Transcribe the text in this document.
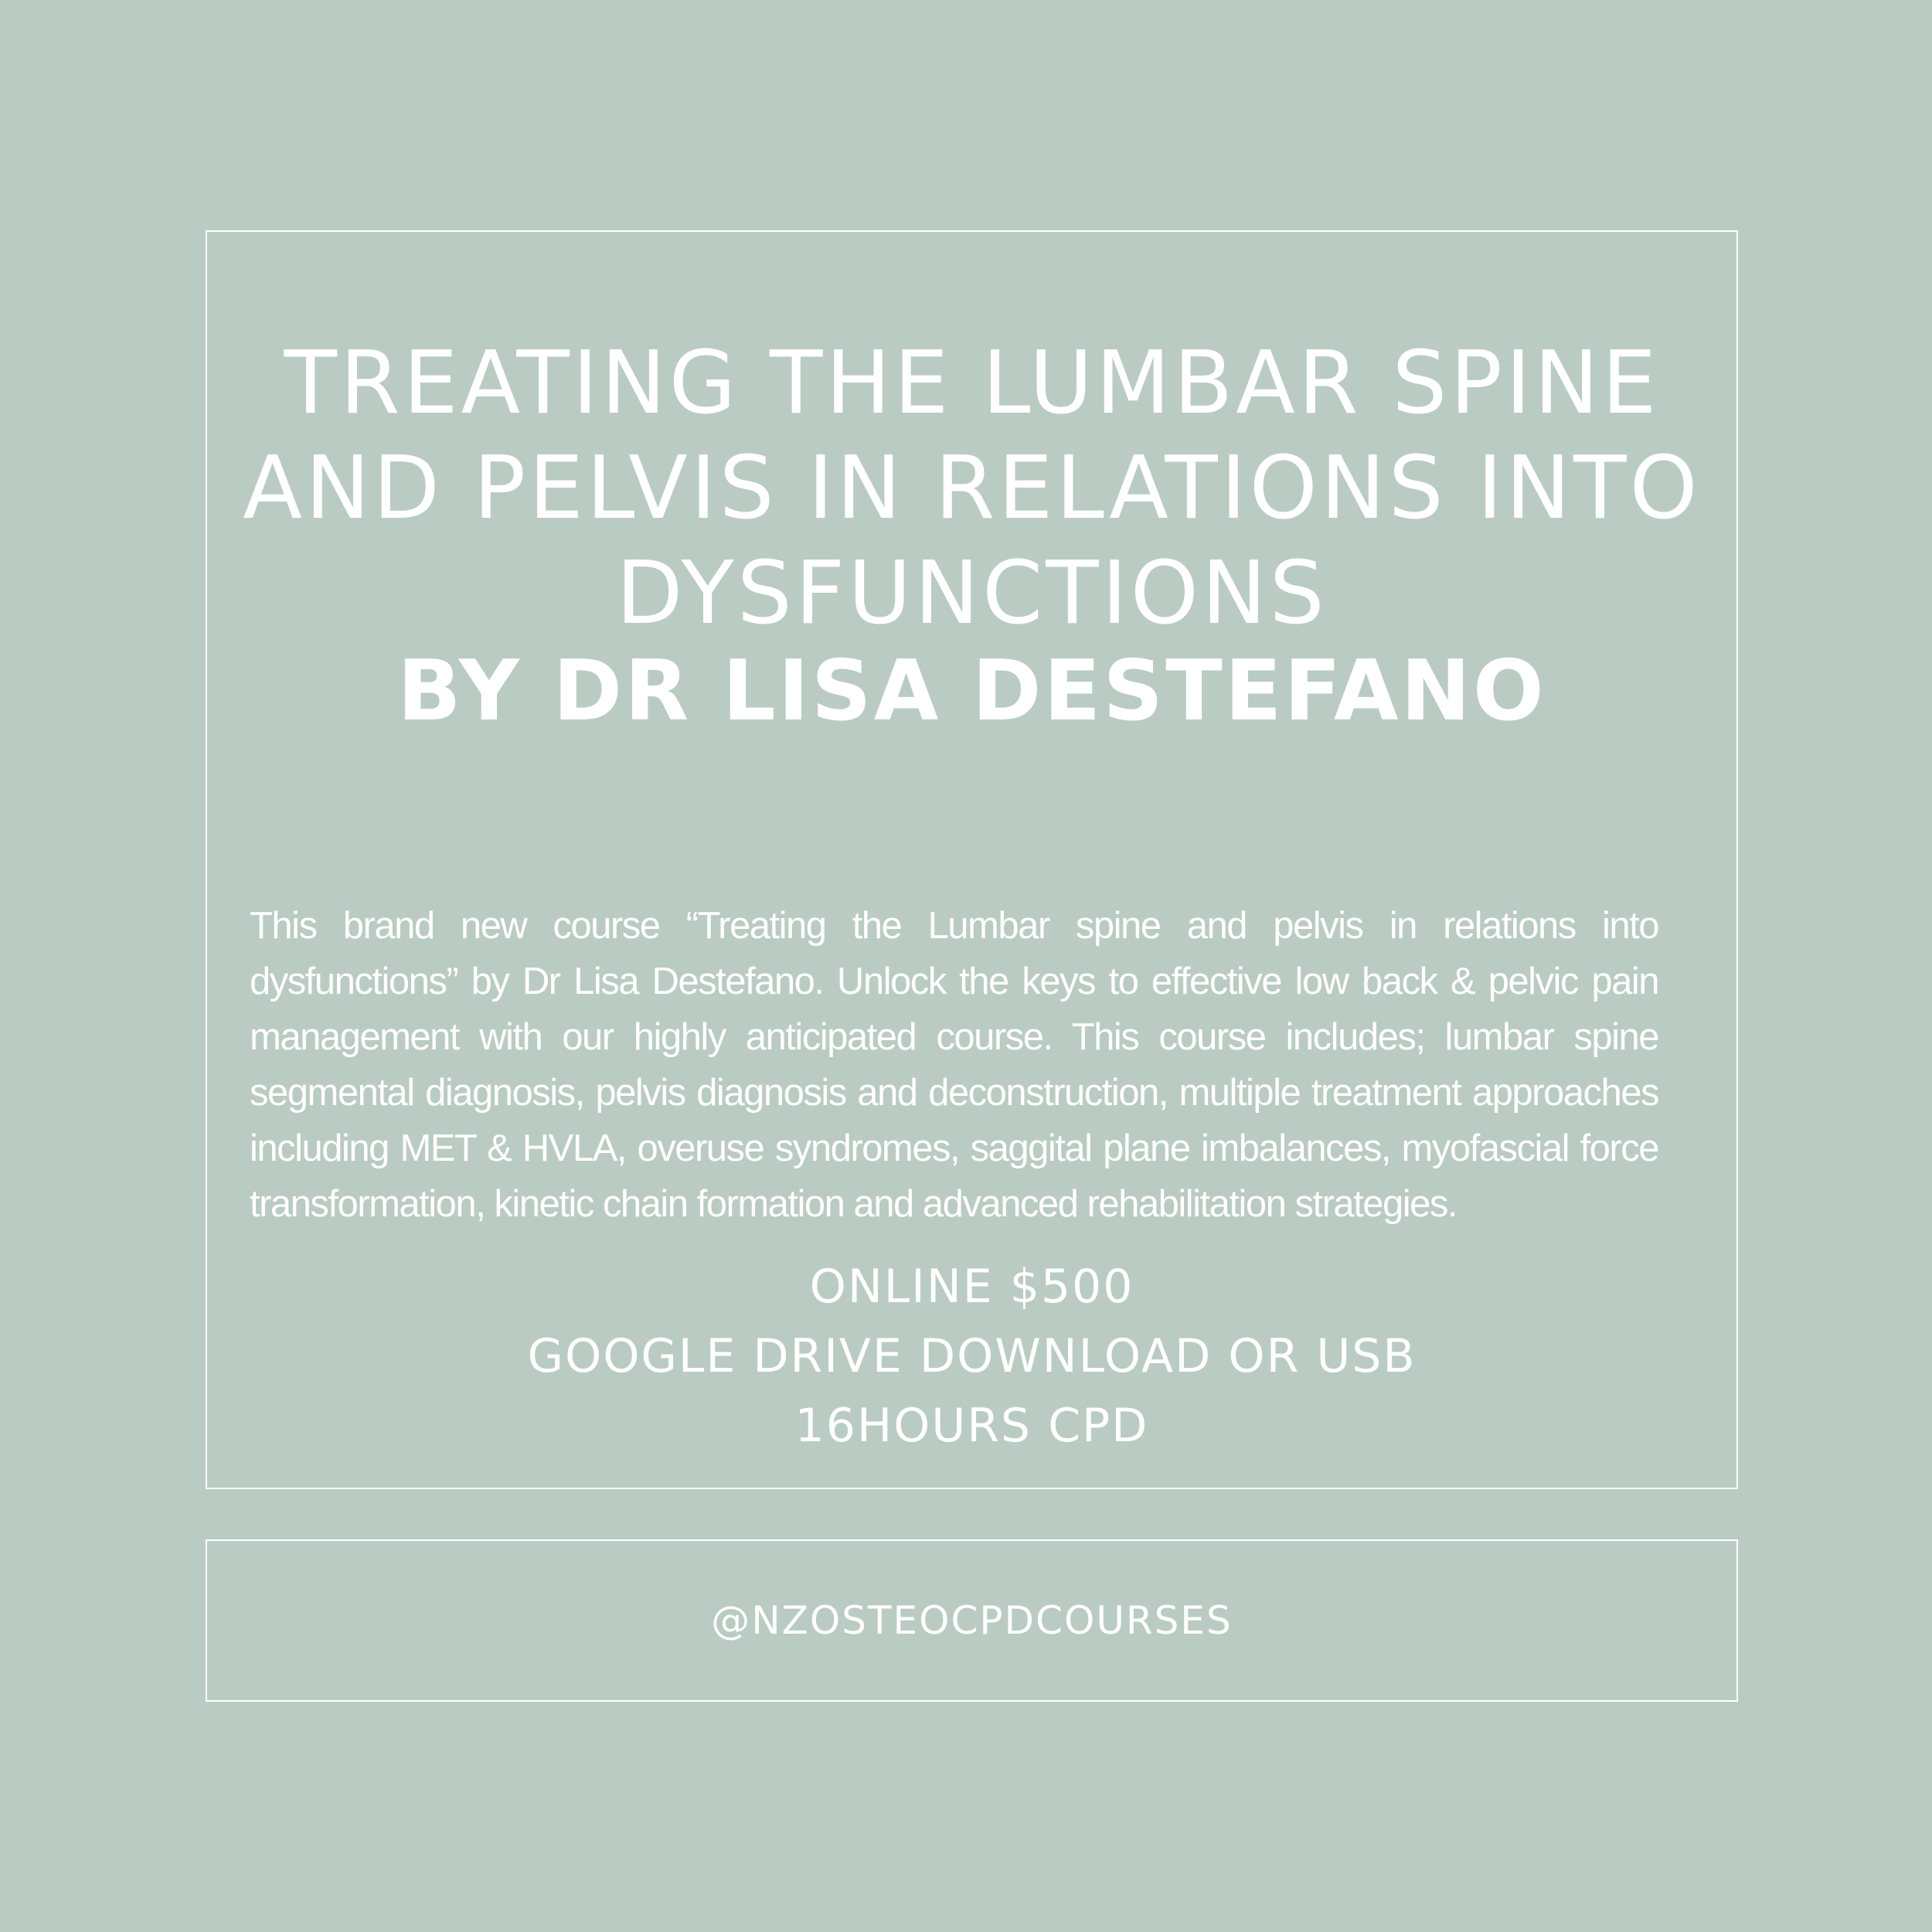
TREATING THE LUMBAR SPINE AND PELVIS IN RELATIONS INTO DYSFUNCTIONS
BY DR LISA DESTEFANO

This brand new course “Treating the Lumbar spine and pelvis in relations into dysfunctions” by Dr Lisa Destefano. Unlock the keys to effective low back & pelvic pain management with our highly anticipated course. This course includes; lumbar spine segmental diagnosis, pelvis diagnosis and deconstruction, multiple treatment approaches including MET & HVLA, overuse syndromes, saggital plane imbalances, myofascial force transformation, kinetic chain formation and advanced rehabilitation strategies.

ONLINE $500
GOOGLE DRIVE DOWNLOAD OR USB
16HOURS CPD
@NZOSTEOCPDCOURSES
